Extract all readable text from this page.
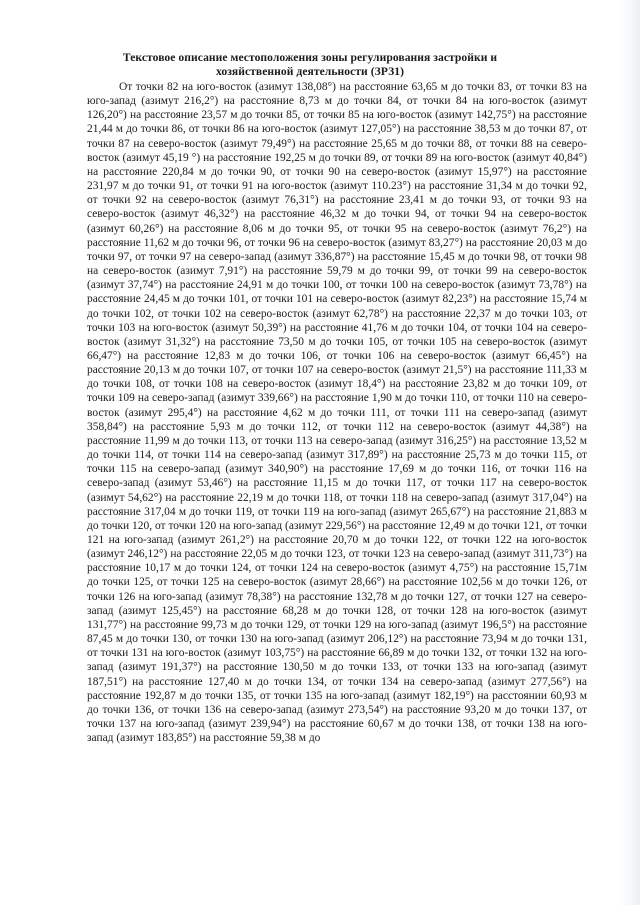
Текстовое описание местоположения зоны регулирования застройки и хозяйственной деятельности (ЗРЗ1)

От точки 82 на юго-восток (азимут 138,08°) на расстояние 63,65 м до точки 83, от точки 83 на юго-запад (азимут 216,2°) на расстояние 8,73 м до точки 84, от точки 84 на юго-восток (азимут 126,20°) на расстояние 23,57 м до точки 85, от точки 85 на юго-восток (азимут 142,75°) на расстояние 21,44 м до точки 86, от точки 86 на юго-восток (азимут 127,05°) на расстояние 38,53 м до точки 87, от точки 87 на северо-восток (азимут 79,49°) на расстояние 25,65 м до точки 88, от точки 88 на северо-восток (азимут 45,19 °) на расстояние 192,25 м до точки 89, от точки 89 на юго-восток (азимут 40,84°) на расстояние 220,84 м до точки 90, от точки 90 на северо-восток (азимут 15,97°) на расстояние 231,97 м до точки 91, от точки 91 на юго-восток (азимут 110.23°) на расстояние 31,34 м до точки 92, от точки 92 на северо-восток (азимут 76,31°) на расстояние 23,41 м до точки 93, от точки 93 на северо-восток (азимут 46,32°) на расстояние 46,32 м до точки 94, от точки 94 на северо-восток (азимут 60,26°) на расстояние 8,06 м до точки 95, от точки 95 на северо-восток (азимут 76,2°) на расстояние 11,62 м до точки 96, от точки 96 на северо-восток (азимут 83,27°) на расстояние 20,03 м до точки 97, от точки 97 на северо-запад (азимут 336,87°) на расстояние 15,45 м до точки 98, от точки 98 на северо-восток (азимут 7,91°) на расстояние 59,79 м до точки 99, от точки 99 на северо-восток (азимут 37,74°) на расстояние 24,91 м до точки 100, от точки 100 на северо-восток (азимут 73,78°) на расстояние 24,45 м до точки 101, от точки 101 на северо-восток (азимут 82,23°) на расстояние 15,74 м до точки 102, от точки 102 на северо-восток (азимут 62,78°) на расстояние 22,37 м до точки 103, от точки 103 на юго-восток (азимут 50,39°) на расстояние 41,76 м до точки 104, от точки 104 на северо-восток (азимут 31,32°) на расстояние 73,50 м до точки 105, от точки 105 на северо-восток (азимут 66,47°) на расстояние 12,83 м до точки 106, от точки 106 на северо-восток (азимут 66,45°) на расстояние 20,13 м до точки 107, от точки 107 на северо-восток (азимут 21,5°) на расстояние 111,33 м до точки 108, от точки 108 на северо-восток (азимут 18,4°) на расстояние 23,82 м до точки 109, от точки 109 на северо-запад (азимут 339,66°) на расстояние 1,90 м до точки 110, от точки 110 на северо-восток (азимут 295,4°) на расстояние 4,62 м до точки 111, от точки 111 на северо-запад (азимут 358,84°) на расстояние 5,93 м до точки 112, от точки 112 на северо-восток (азимут 44,38°) на расстояние 11,99 м до точки 113, от точки 113 на северо-запад (азимут 316,25°) на расстояние 13,52 м до точки 114, от точки 114 на северо-запад (азимут 317,89°) на расстояние 25,73 м до точки 115, от точки 115 на северо-запад (азимут 340,90°) на расстояние 17,69 м до точки 116, от точки 116 на северо-запад (азимут 53,46°) на расстояние 11,15 м до точки 117, от точки 117 на северо-восток (азимут 54,62°) на расстояние 22,19 м до точки 118, от точки 118 на северо-запад (азимут 317,04°) на расстояние 317,04 м до точки 119, от точки 119 на юго-запад (азимут 265,67°) на расстояние 21,883 м до точки 120, от точки 120 на юго-запад (азимут 229,56°) на расстояние 12,49 м до точки 121, от точки 121 на юго-запад (азимут 261,2°) на расстояние 20,70 м до точки 122, от точки 122 на юго-восток (азимут 246,12°) на расстояние 22,05 м до точки 123, от точки 123 на северо-запад (азимут 311,73°) на расстояние 10,17 м до точки 124, от точки 124 на северо-восток (азимут 4,75°) на расстояние 15,71м до точки 125, от точки 125 на северо-восток (азимут 28,66°) на расстояние 102,56 м до точки 126, от точки 126 на юго-запад (азимут 78,38°) на расстояние 132,78 м до точки 127, от точки 127 на северо-запад (азимут 125,45°) на расстояние 68,28 м до точки 128, от точки 128 на юго-восток (азимут 131,77°) на расстояние 99,73 м до точки 129, от точки 129 на юго-запад (азимут 196,5°) на расстояние 87,45 м до точки 130, от точки 130 на юго-запад (азимут 206,12°) на расстояние 73,94 м до точки 131, от точки 131 на юго-восток (азимут 103,75°) на расстояние 66,89 м до точки 132, от точки 132 на юго-запад (азимут 191,37°) на расстояние 130,50 м до точки 133, от точки 133 на юго-запад (азимут 187,51°) на расстояние 127,40 м до точки 134, от точки 134 на северо-запад (азимут 277,56°) на расстояние 192,87 м до точки 135, от точки 135 на юго-запад (азимут 182,19°) на расстоянии 60,93 м до точки 136, от точки 136 на северо-запад (азимут 273,54°) на расстояние 93,20 м до точки 137, от точки 137 на юго-запад (азимут 239,94°) на расстояние 60,67 м до точки 138, от точки 138 на юго-запад (азимут 183,85°) на расстояние 59,38 м до
